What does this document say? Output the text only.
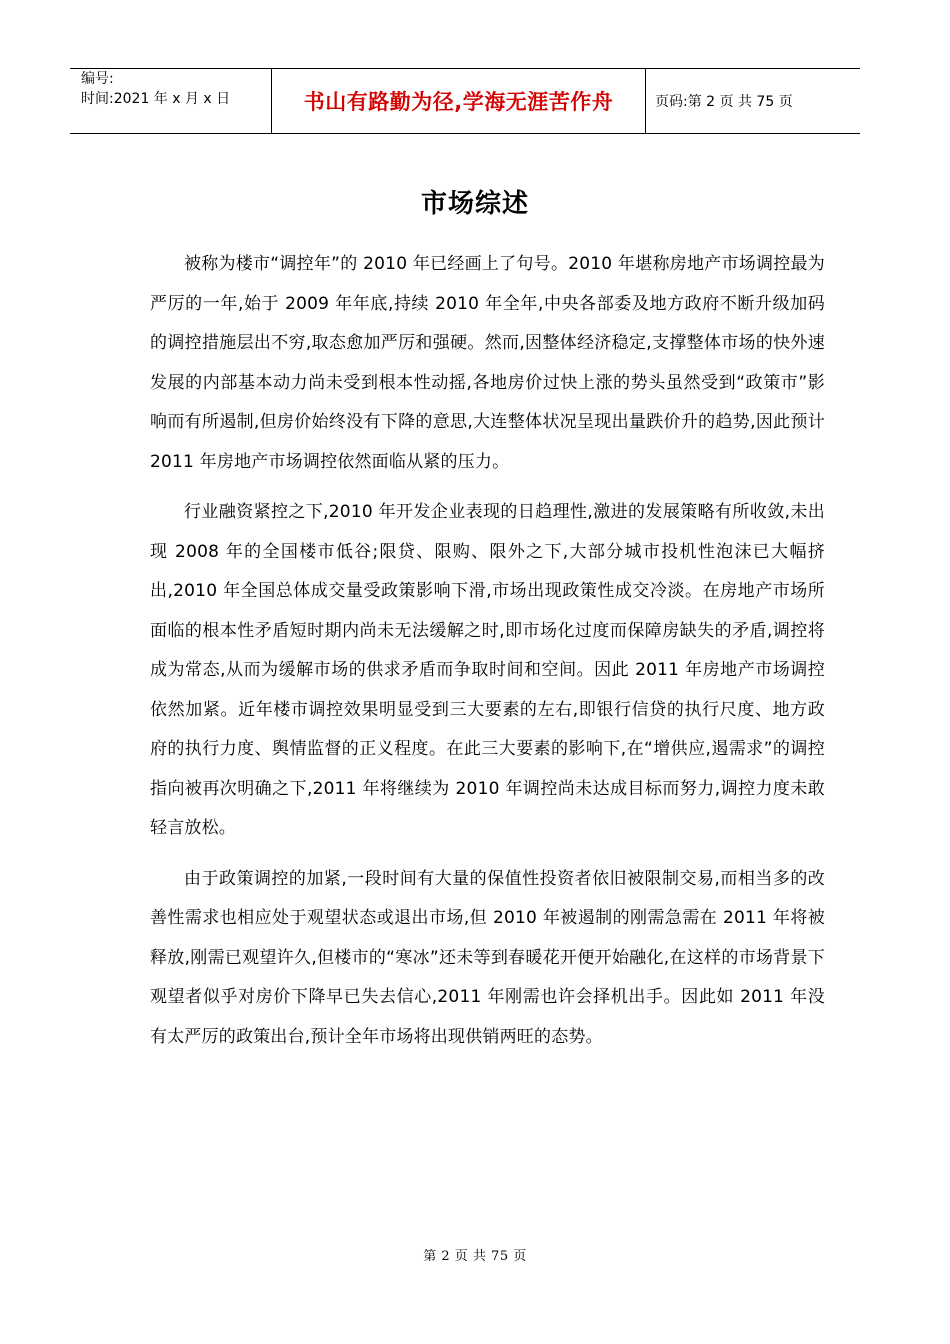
编号:
时间:2021 年 x 月 x 日	书山有路勤为径,学海无涯苦作舟	页码:第 2 页 共 75 页
市场综述

被称为楼市“调控年”的 2010 年已经画上了句号。2010 年堪称房地产市场调控最为严厉的一年,始于 2009 年年底,持续 2010 年全年,中央各部委及地方政府不断升级加码的调控措施层出不穷,取态愈加严厉和强硬。然而,因整体经济稳定,支撑整体市场的快外速发展的内部基本动力尚未受到根本性动摇,各地房价过快上涨的势头虽然受到“政策市”影响而有所遏制,但房价始终没有下降的意思,大连整体状况呈现出量跌价升的趋势,因此预计 2011 年房地产市场调控依然面临从紧的压力。

行业融资紧控之下,2010 年开发企业表现的日趋理性,激进的发展策略有所收敛,未出现 2008 年的全国楼市低谷;限贷、限购、限外之下,大部分城市投机性泡沫已大幅挤出,2010 年全国总体成交量受政策影响下滑,市场出现政策性成交冷淡。在房地产市场所面临的根本性矛盾短时期内尚未无法缓解之时,即市场化过度而保障房缺失的矛盾,调控将成为常态,从而为缓解市场的供求矛盾而争取时间和空间。因此 2011 年房地产市场调控依然加紧。近年楼市调控效果明显受到三大要素的左右,即银行信贷的执行尺度、地方政府的执行力度、舆情监督的正义程度。在此三大要素的影响下,在“增供应,遏需求”的调控指向被再次明确之下,2011 年将继续为 2010 年调控尚未达成目标而努力,调控力度未敢轻言放松。

由于政策调控的加紧,一段时间有大量的保值性投资者依旧被限制交易,而相当多的改善性需求也相应处于观望状态或退出市场,但 2010 年被遏制的刚需急需在 2011 年将被释放,刚需已观望许久,但楼市的“寒冰”还未等到春暖花开便开始融化,在这样的市场背景下观望者似乎对房价下降早已失去信心,2011 年刚需也许会择机出手。因此如 2011 年没有太严厉的政策出台,预计全年市场将出现供销两旺的态势。

第 2 页 共 75 页
